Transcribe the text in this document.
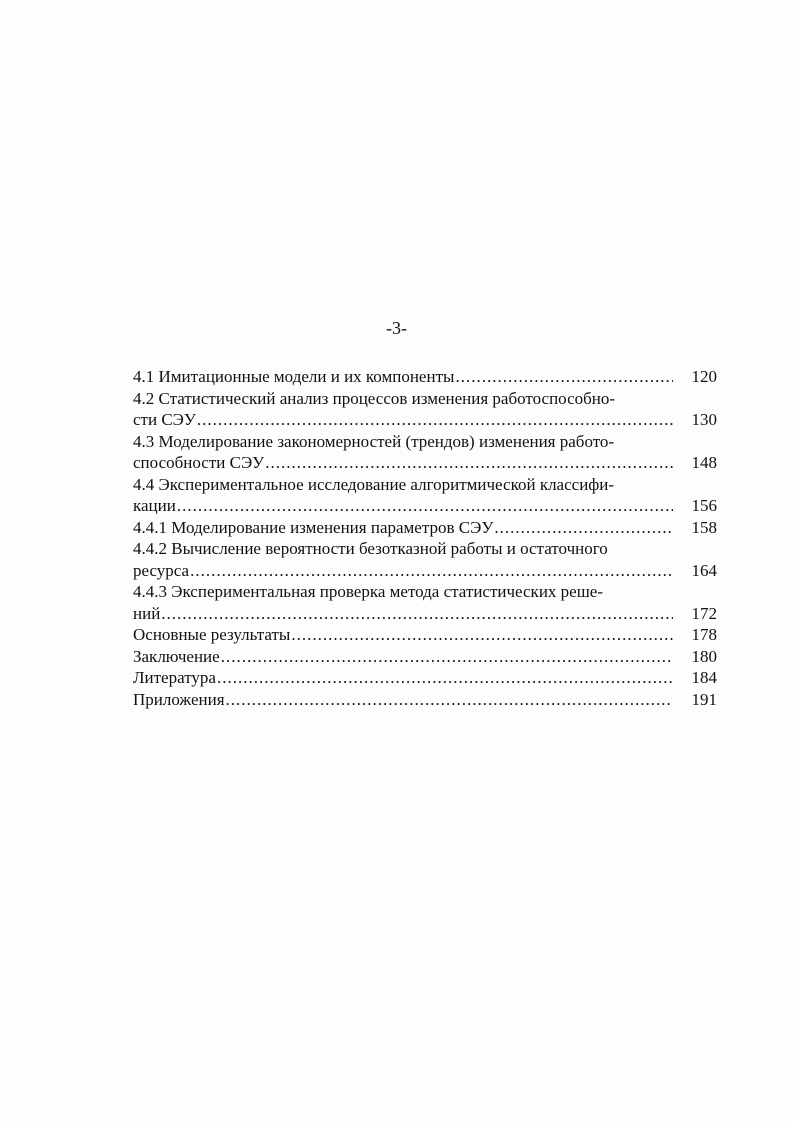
-3-
4.1 Имитационные модели и их компоненты .....	120
4.2 Статистический анализ процессов изменения работоспособно-
сти СЭУ .....	130
4.3 Моделирование закономерностей (трендов) изменения работо-
способности СЭУ .....	148
4.4 Экспериментальное исследование алгоритмической классифи-
кации .....	156
4.4.1 Моделирование изменения параметров СЭУ .....	158
4.4.2 Вычисление вероятности безотказной работы и остаточного
ресурса .....	164
4.4.3 Экспериментальная проверка метода статистических реше-
ний .....	172
Основные результаты .....	178
Заключение .....	180
Литература .....	184
Приложения .....	191
